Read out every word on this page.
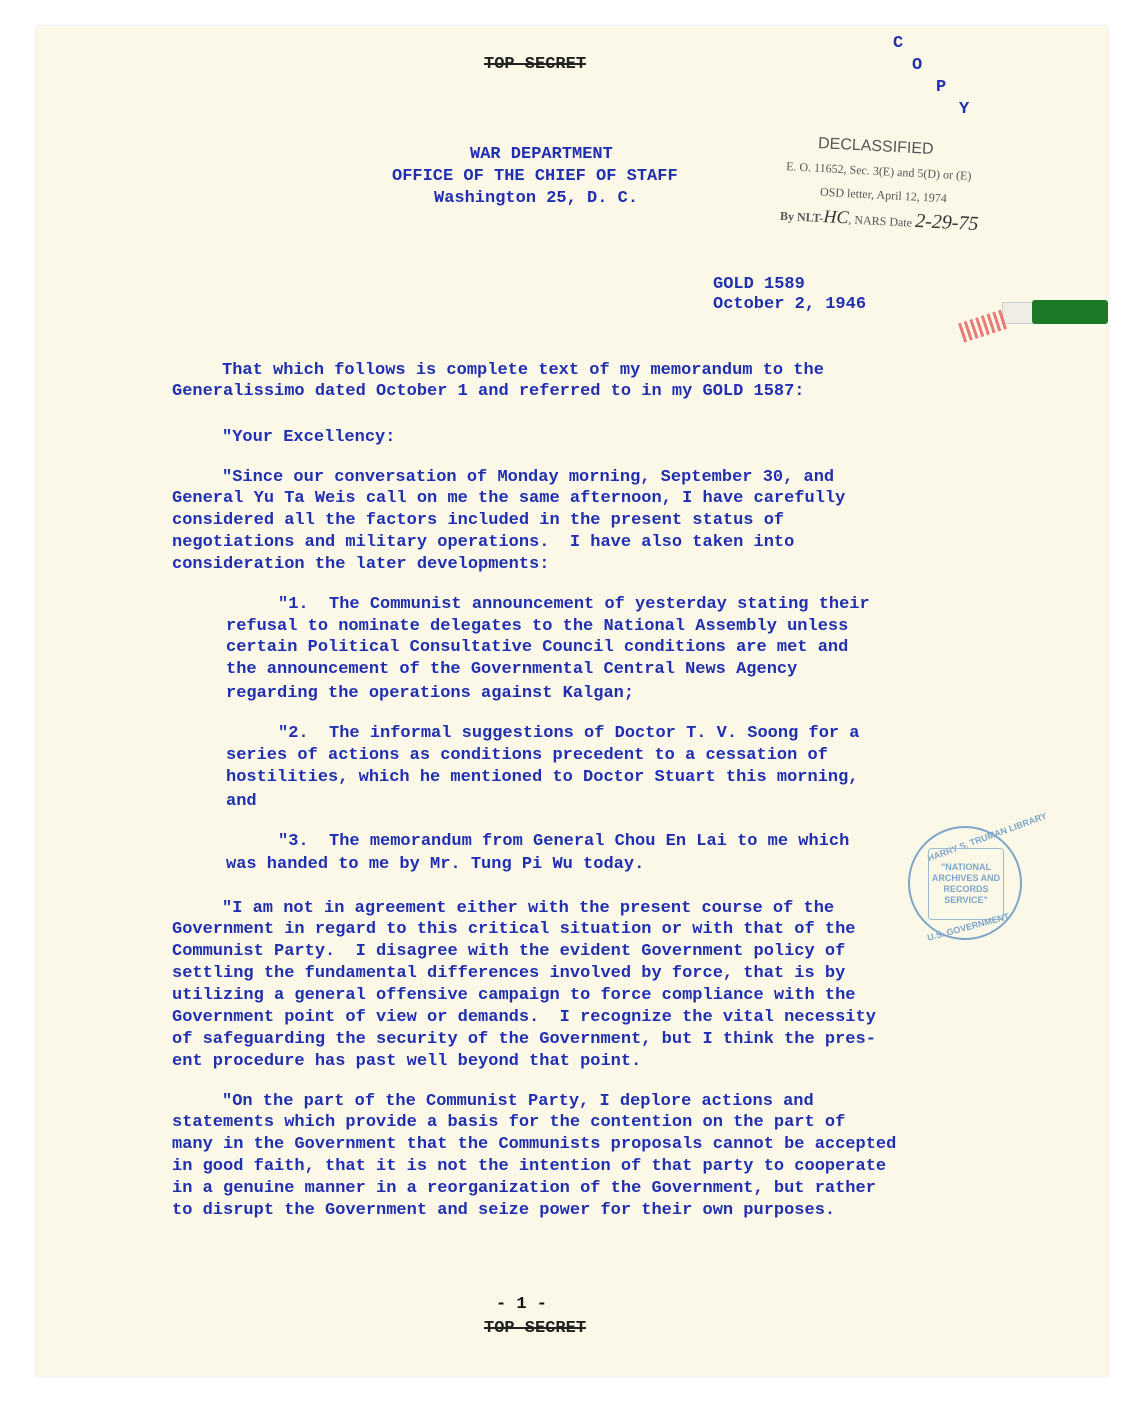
TOP SECRET
C
O
P
Y
WAR DEPARTMENT
OFFICE OF THE CHIEF OF STAFF
Washington 25, D. C.
DECLASSIFIED
E. O. 11652, Sec. 3(E) and 5(D) or (E)
OSD letter, April 12, 1974
By NLT-HC, NARS Date 2-29-75
GOLD 1589
October 2, 1946
That which follows is complete text of my memorandum to the
Generalissimo dated October 1 and referred to in my GOLD 1587:
"Your Excellency:
"Since our conversation of Monday morning, September 30, and
General Yu Ta Weis call on me the same afternoon, I have carefully
considered all the factors included in the present status of
negotiations and military operations.  I have also taken into
consideration the later developments:
"1.  The Communist announcement of yesterday stating their
refusal to nominate delegates to the National Assembly unless
certain Political Consultative Council conditions are met and
the announcement of the Governmental Central News Agency
regarding the operations against Kalgan;
"2.  The informal suggestions of Doctor T. V. Soong for a
series of actions as conditions precedent to a cessation of
hostilities, which he mentioned to Doctor Stuart this morning,
and
"3.  The memorandum from General Chou En Lai to me which
was handed to me by Mr. Tung Pi Wu today.
"I am not in agreement either with the present course of the
Government in regard to this critical situation or with that of the
Communist Party.  I disagree with the evident Government policy of
settling the fundamental differences involved by force, that is by
utilizing a general offensive campaign to force compliance with the
Government point of view or demands.  I recognize the vital necessity
of safeguarding the security of the Government, but I think the pres-
ent procedure has past well beyond that point.
"On the part of the Communist Party, I deplore actions and
statements which provide a basis for the contention on the part of
many in the Government that the Communists proposals cannot be accepted
in good faith, that it is not the intention of that party to cooperate
in a genuine manner in a reorganization of the Government, but rather
to disrupt the Government and seize power for their own purposes.
- 1 -
TOP SECRET
HARRY S. TRUMAN LIBRARY
"NATIONAL
ARCHIVES AND
RECORDS
SERVICE"
U.S. GOVERNMENT
